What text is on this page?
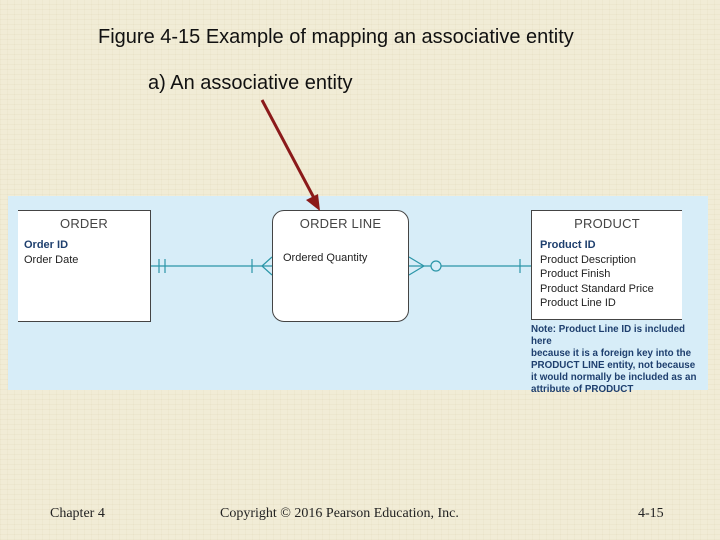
Figure 4-15 Example of mapping an associative entity
a) An associative entity
ORDER
Order ID
Order Date
ORDER LINE
Ordered Quantity
PRODUCT
Product ID
Product Description
Product Finish
Product Standard Price
Product Line ID
Note: Product Line ID is included here
because it is a foreign key into the
PRODUCT LINE entity, not because
it would normally be included as an
attribute of PRODUCT
Chapter 4	Copyright © 2016 Pearson Education, Inc.	4-15
